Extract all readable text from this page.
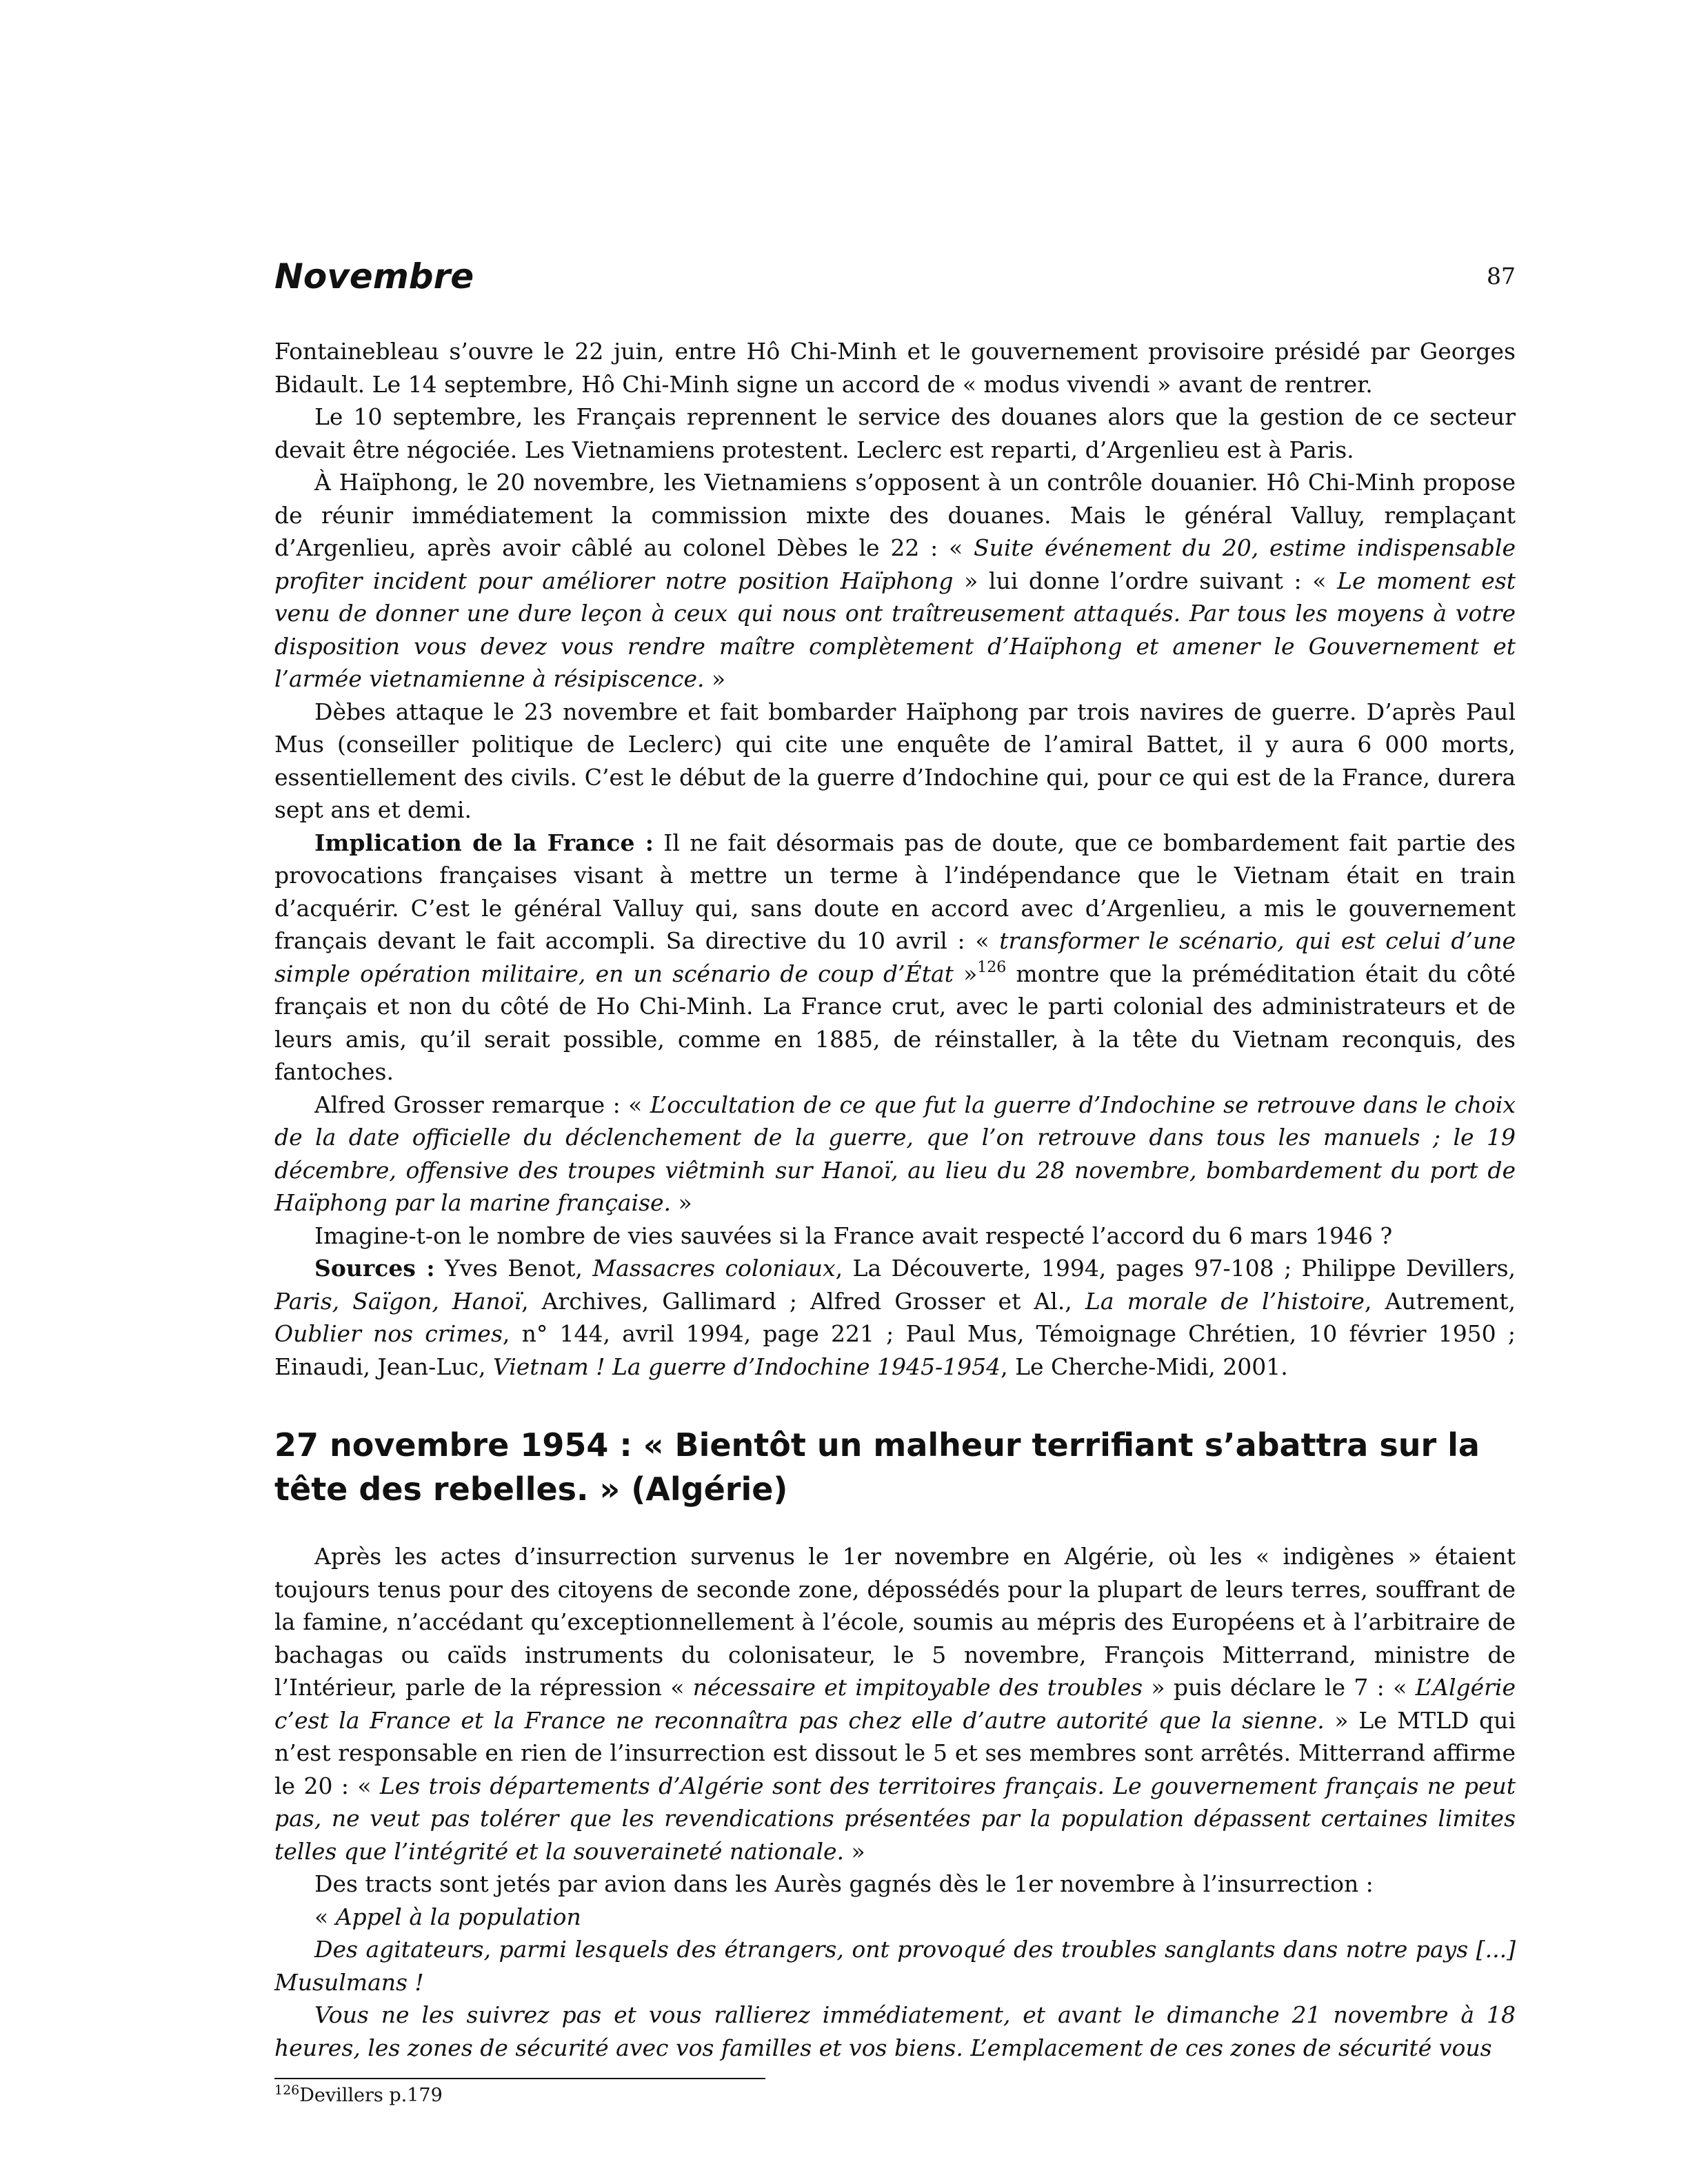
Novembre	87

Fontainebleau s’ouvre le 22 juin, entre Hô Chi-Minh et le gouvernement provisoire présidé par Georges Bidault. Le 14 septembre, Hô Chi-Minh signe un accord de « modus vivendi » avant de rentrer.

Le 10 septembre, les Français reprennent le service des douanes alors que la gestion de ce secteur devait être négociée. Les Vietnamiens protestent. Leclerc est reparti, d’Argenlieu est à Paris.

À Haïphong, le 20 novembre, les Vietnamiens s’opposent à un contrôle douanier. Hô Chi-Minh propose de réunir immédiatement la commission mixte des douanes. Mais le général Valluy, remplaçant d’Argenlieu, après avoir câblé au colonel Dèbes le 22 : « Suite événement du 20, estime indispensable profiter incident pour améliorer notre position Haïphong » lui donne l’ordre suivant : « Le moment est venu de donner une dure leçon à ceux qui nous ont traîtreusement attaqués. Par tous les moyens à votre disposition vous devez vous rendre maître complètement d’Haïphong et amener le Gouvernement et l’armée vietnamienne à résipiscence. »

Dèbes attaque le 23 novembre et fait bombarder Haïphong par trois navires de guerre. D’après Paul Mus (conseiller politique de Leclerc) qui cite une enquête de l’amiral Battet, il y aura 6 000 morts, essentiellement des civils. C’est le début de la guerre d’Indochine qui, pour ce qui est de la France, durera sept ans et demi.

Implication de la France : Il ne fait désormais pas de doute, que ce bombardement fait partie des provocations françaises visant à mettre un terme à l’indépendance que le Vietnam était en train d’acquérir. C’est le général Valluy qui, sans doute en accord avec d’Argenlieu, a mis le gouvernement français devant le fait accompli. Sa directive du 10 avril : « transformer le scénario, qui est celui d’une simple opération militaire, en un scénario de coup d’État »$^{126}$ montre que la préméditation était du côté français et non du côté de Ho Chi-Minh. La France crut, avec le parti colonial des administrateurs et de leurs amis, qu’il serait possible, comme en 1885, de réinstaller, à la tête du Vietnam reconquis, des fantoches.

Alfred Grosser remarque : « L’occultation de ce que fut la guerre d’Indochine se retrouve dans le choix de la date officielle du déclenchement de la guerre, que l’on retrouve dans tous les manuels ; le 19 décembre, offensive des troupes viêtminh sur Hanoï, au lieu du 28 novembre, bombardement du port de Haïphong par la marine française. »

Imagine-t-on le nombre de vies sauvées si la France avait respecté l’accord du 6 mars 1946 ?

Sources : Yves Benot, Massacres coloniaux, La Découverte, 1994, pages 97-108 ; Philippe Devillers, Paris, Saïgon, Hanoï, Archives, Gallimard ; Alfred Grosser et Al., La morale de l’histoire, Autrement, Oublier nos crimes, n° 144, avril 1994, page 221 ; Paul Mus, Témoignage Chrétien, 10 février 1950 ; Einaudi, Jean-Luc, Vietnam ! La guerre d’Indochine 1945-1954, Le Cherche-Midi, 2001.

27 novembre 1954 : « Bientôt un malheur terrifiant s’abattra sur la tête des rebelles. » (Algérie)

Après les actes d’insurrection survenus le 1er novembre en Algérie, où les « indigènes » étaient toujours tenus pour des citoyens de seconde zone, dépossédés pour la plupart de leurs terres, souffrant de la famine, n’accédant qu’exceptionnellement à l’école, soumis au mépris des Européens et à l’arbitraire de bachagas ou caïds instruments du colonisateur, le 5 novembre, François Mitterrand, ministre de l’Intérieur, parle de la répression « nécessaire et impitoyable des troubles » puis déclare le 7 : « L’Algérie c’est la France et la France ne reconnaîtra pas chez elle d’autre autorité que la sienne. » Le MTLD qui n’est responsable en rien de l’insurrection est dissout le 5 et ses membres sont arrêtés. Mitterrand affirme le 20 : « Les trois départements d’Algérie sont des territoires français. Le gouvernement français ne peut pas, ne veut pas tolérer que les revendications présentées par la population dépassent certaines limites telles que l’intégrité et la souveraineté nationale. »

Des tracts sont jetés par avion dans les Aurès gagnés dès le 1er novembre à l’insurrection :

« Appel à la population

Des agitateurs, parmi lesquels des étrangers, ont provoqué des troubles sanglants dans notre pays [...] Musulmans !

Vous ne les suivrez pas et vous rallierez immédiatement, et avant le dimanche 21 novembre à 18 heures, les zones de sécurité avec vos familles et vos biens. L’emplacement de ces zones de sécurité vous

$^{126}$Devillers p.179
